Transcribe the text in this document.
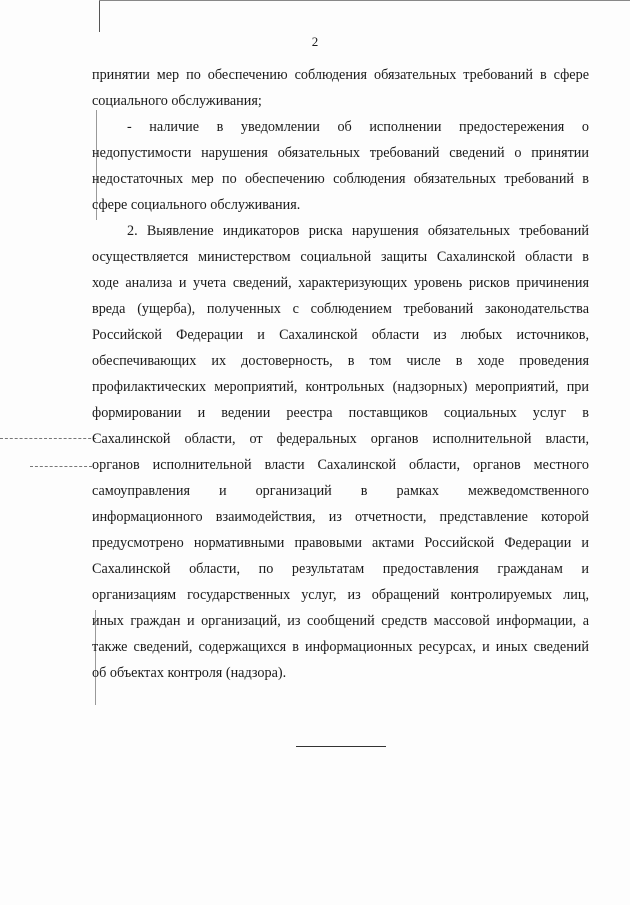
2
принятии мер по обеспечению соблюдения обязательных требований в сфере
социального обслуживания;
- наличие в уведомлении об исполнении предостережения о
недопустимости нарушения обязательных требований сведений о принятии
недостаточных мер по обеспечению соблюдения обязательных требований в
сфере социального обслуживания.
2. Выявление индикаторов риска нарушения обязательных требований
осуществляется министерством социальной защиты Сахалинской области в
ходе анализа и учета сведений, характеризующих уровень рисков причинения
вреда (ущерба), полученных с соблюдением требований законодательства
Российской Федерации и Сахалинской области из любых источников,
обеспечивающих их достоверность, в том числе в ходе проведения
профилактических мероприятий, контрольных (надзорных) мероприятий, при
формировании и ведении реестра поставщиков социальных услуг в
Сахалинской области, от федеральных органов исполнительной власти,
органов исполнительной власти Сахалинской области, органов местного
самоуправления и организаций в рамках межведомственного
информационного взаимодействия, из отчетности, представление которой
предусмотрено нормативными правовыми актами Российской Федерации и
Сахалинской области, по результатам предоставления гражданам и
организациям государственных услуг, из обращений контролируемых лиц,
иных граждан и организаций, из сообщений средств массовой информации, а
также сведений, содержащихся в информационных ресурсах, и иных сведений
об объектах контроля (надзора).
